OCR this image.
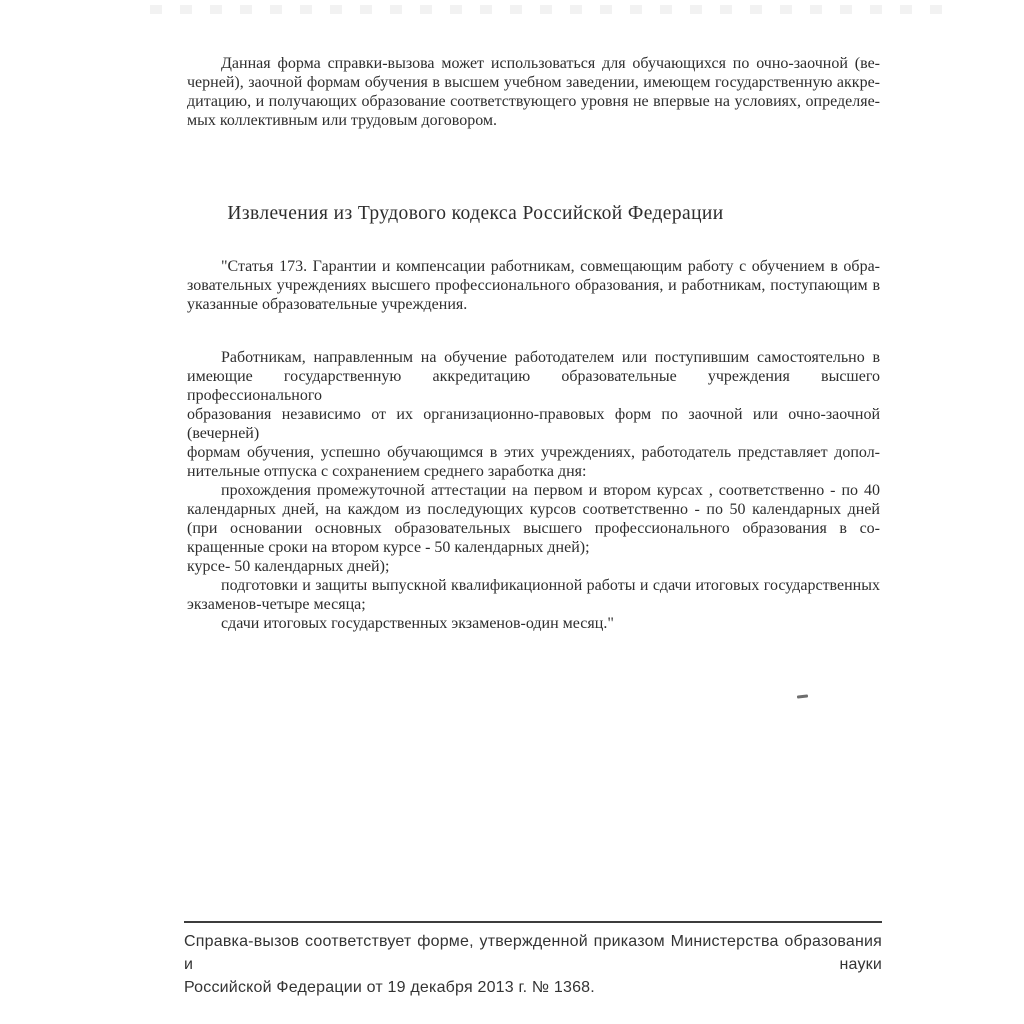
Данная форма справки-вызова может использоваться для обучающихся по очно-заочной (ве-
черней), заочной формам обучения в высшем учебном заведении, имеющем государственную аккре-
дитацию, и получающих образование соответствующего уровня не впервые на условиях, определяе-
мых коллективным или трудовым договором.
Извлечения из Трудового кодекса Российской Федерации
"Статья 173. Гарантии и компенсации работникам, совмещающим работу с обучением в обра-
зовательных учреждениях высшего профессионального образования, и работникам, поступающим в
указанные образовательные учреждения.
Работникам, направленным на обучение работодателем или поступившим самостоятельно в
имеющие государственную аккредитацию образовательные учреждения высшего профессионального
образования независимо от их организационно-правовых форм по заочной или очно-заочной (вечерней)
формам обучения, успешно обучающимся в этих учреждениях, работодатель представляет допол-
нительные отпуска с сохранением среднего заработка дня:
прохождения промежуточной аттестации на первом и втором курсах , соответственно - по 40
календарных дней, на каждом из последующих курсов соответственно - по 50 календарных дней
(при основании основных образовательных высшего профессионального образования в со-
кращенные сроки на втором курсе - 50 календарных дней);
курсе- 50 календарных дней);
подготовки и защиты выпускной квалификационной работы и сдачи итоговых государственных
экзаменов-четыре месяца;
сдачи итоговых государственных экзаменов-один месяц."
Справка-вызов соответствует форме, утвержденной приказом Министерства образования и науки
Российской Федерации от 19 декабря 2013 г. № 1368.
